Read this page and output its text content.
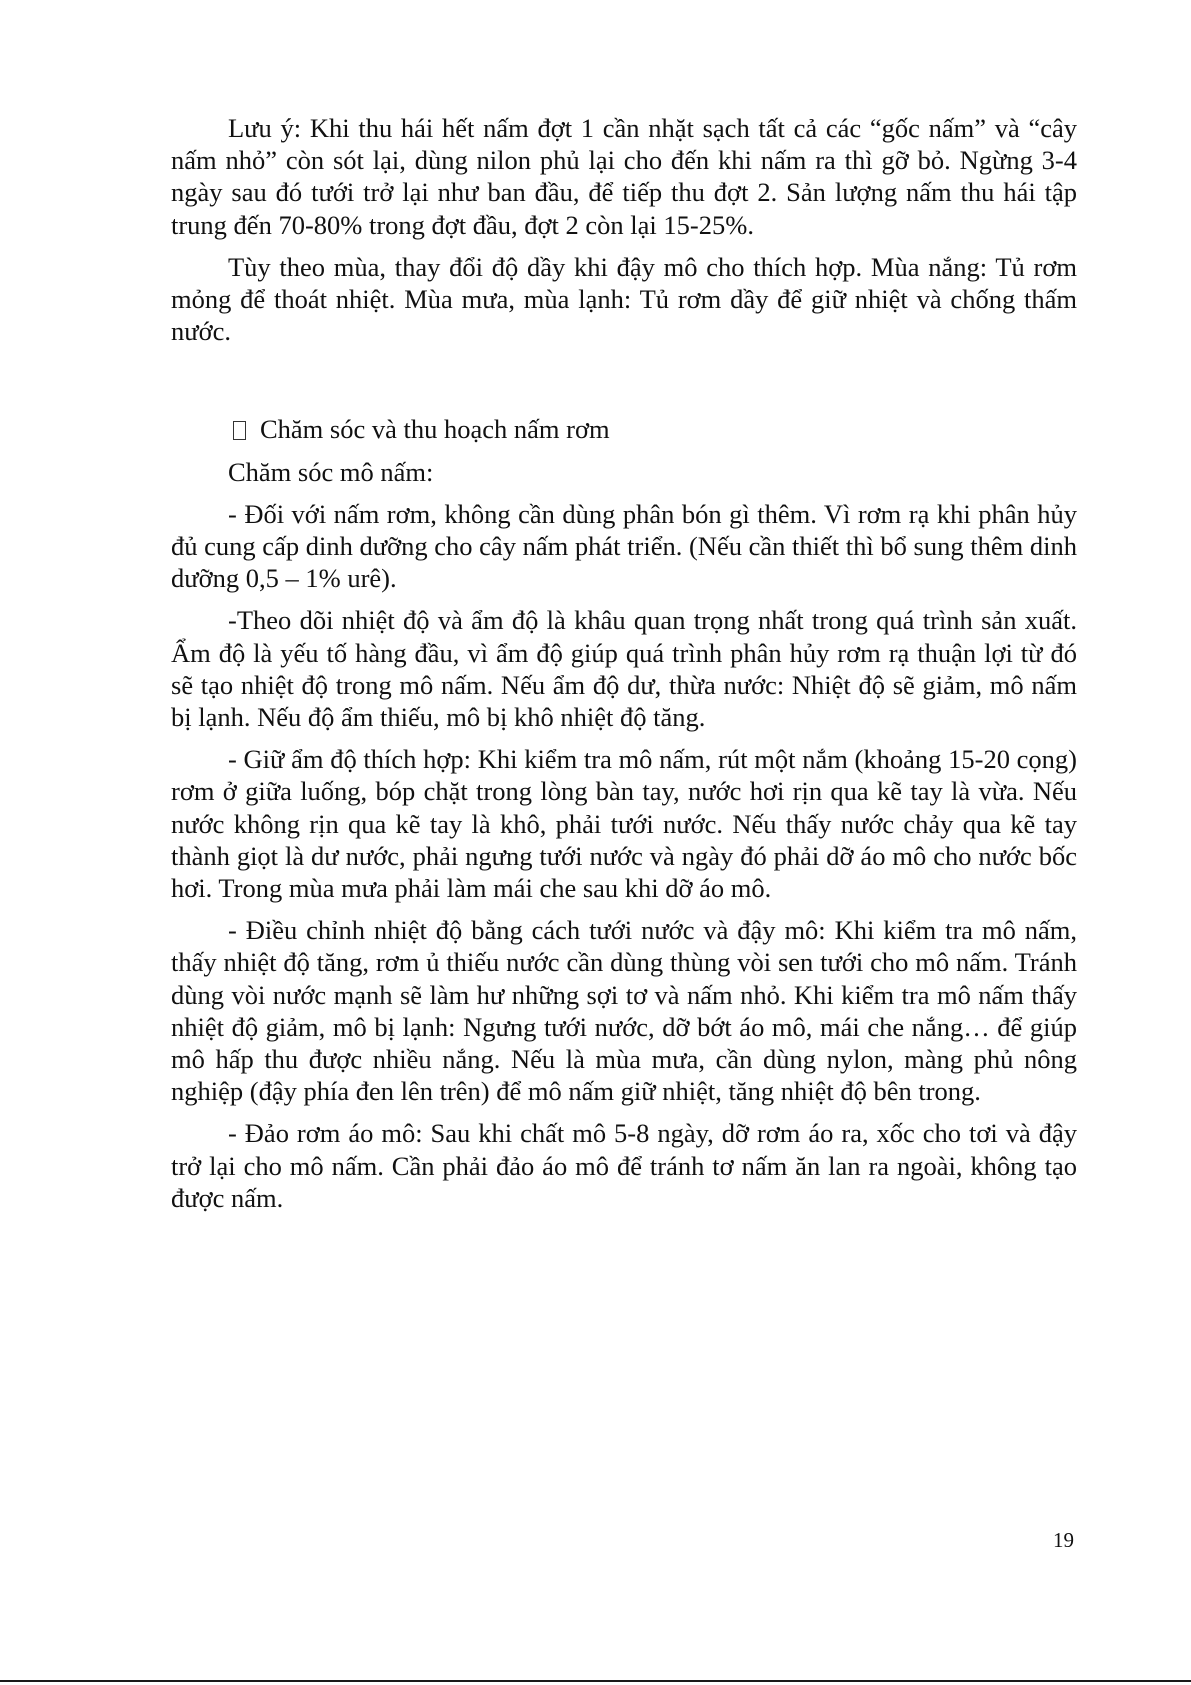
Lưu ý: Khi thu hái hết nấm đợt 1 cần nhặt sạch tất cả các “gốc nấm” và “cây nấm nhỏ” còn sót lại, dùng nilon phủ lại cho đến khi nấm ra thì gỡ bỏ. Ngừng 3-4 ngày sau đó tưới trở lại như ban đầu, để tiếp thu đợt 2. Sản lượng nấm thu hái tập trung đến 70-80% trong đợt đầu, đợt 2 còn lại 15-25%.

Tùy theo mùa, thay đổi độ dầy khi đậy mô cho thích hợp. Mùa nắng: Tủ rơm mỏng để thoát nhiệt. Mùa mưa, mùa lạnh: Tủ rơm dầy để giữ nhiệt và chống thấm nước.

Chăm sóc và thu hoạch nấm rơm

Chăm sóc mô nấm:

- Đối với nấm rơm, không cần dùng phân bón gì thêm. Vì rơm rạ khi phân hủy đủ cung cấp dinh dưỡng cho cây nấm phát triển. (Nếu cần thiết thì bổ sung thêm dinh dưỡng 0,5 – 1% urê).

-Theo dõi nhiệt độ và ẩm độ là khâu quan trọng nhất trong quá trình sản xuất. Ẩm độ là yếu tố hàng đầu, vì ẩm độ giúp quá trình phân hủy rơm rạ thuận lợi từ đó sẽ tạo nhiệt độ trong mô nấm. Nếu ẩm độ dư, thừa nước: Nhiệt độ sẽ giảm, mô nấm bị lạnh. Nếu độ ẩm thiếu, mô bị khô nhiệt độ tăng.

- Giữ ẩm độ thích hợp: Khi kiểm tra mô nấm, rút một nắm (khoảng 15-20 cọng) rơm ở giữa luống, bóp chặt trong lòng bàn tay, nước hơi rịn qua kẽ tay là vừa. Nếu nước không rịn qua kẽ tay là khô, phải tưới nước. Nếu thấy nước chảy qua kẽ tay thành giọt là dư nước, phải ngưng tưới nước và ngày đó phải dỡ áo mô cho nước bốc hơi. Trong mùa mưa phải làm mái che sau khi dỡ áo mô.

- Điều chỉnh nhiệt độ bằng cách tưới nước và đậy mô: Khi kiểm tra mô nấm, thấy nhiệt độ tăng, rơm ủ thiếu nước cần dùng thùng vòi sen tưới cho mô nấm. Tránh dùng vòi nước mạnh sẽ làm hư những sợi tơ và nấm nhỏ. Khi kiểm tra mô nấm thấy nhiệt độ giảm, mô bị lạnh: Ngưng tưới nước, dỡ bớt áo mô, mái che nắng… để giúp mô hấp thu được nhiều nắng. Nếu là mùa mưa, cần dùng nylon, màng phủ nông nghiệp (đậy phía đen lên trên) để mô nấm giữ nhiệt, tăng nhiệt độ bên trong.

- Đảo rơm áo mô: Sau khi chất mô 5-8 ngày, dỡ rơm áo ra, xốc cho tơi và đậy trở lại cho mô nấm. Cần phải đảo áo mô để tránh tơ nấm ăn lan ra ngoài, không tạo được nấm.

19
